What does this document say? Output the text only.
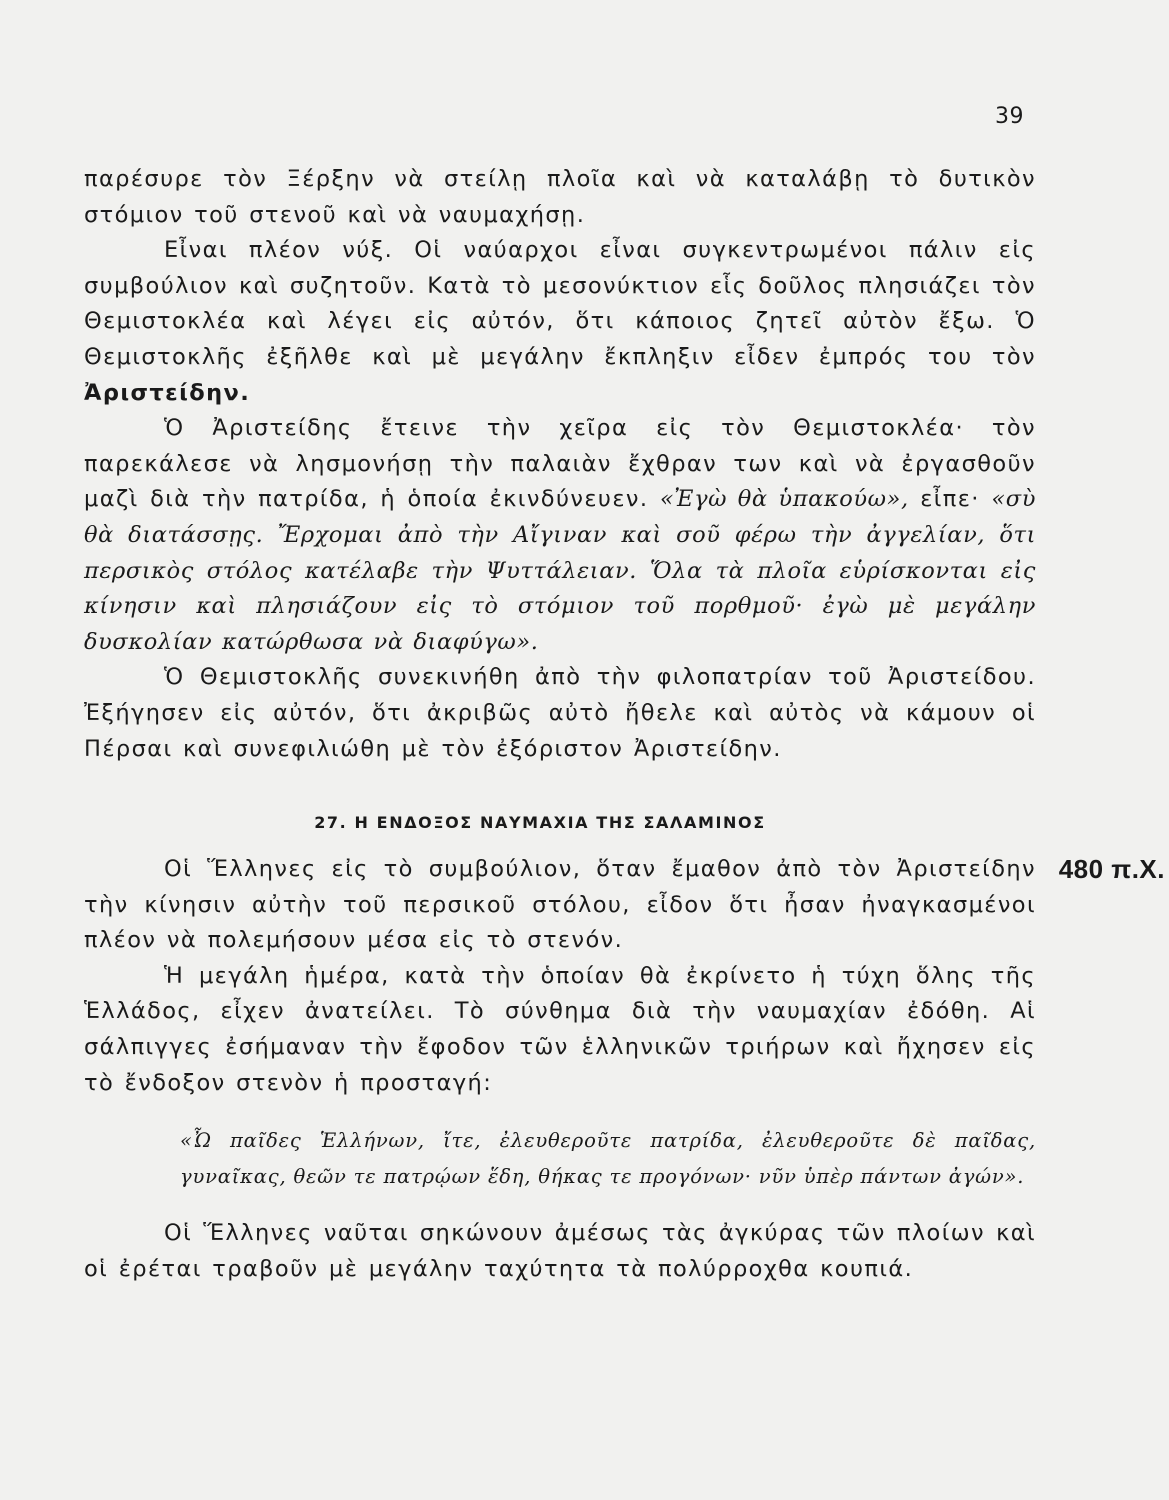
39

παρέσυρε τὸν Ξέρξην νὰ στείλῃ πλοῖα καὶ νὰ καταλάβῃ τὸ δυτικὸν στόμιον τοῦ στενοῦ καὶ νὰ ναυμαχήσῃ.

Εἶναι πλέον νύξ. Οἱ ναύαρχοι εἶναι συγκεντρωμένοι πάλιν εἰς συμβούλιον καὶ συζητοῦν. Κατὰ τὸ μεσονύκτιον εἷς δοῦλος πλησιάζει τὸν Θεμιστοκλέα καὶ λέγει εἰς αὐτόν, ὅτι κάποιος ζητεῖ αὐτὸν ἔξω. Ὁ Θεμιστοκλῆς ἐξῆλθε καὶ μὲ μεγάλην ἔκπληξιν εἶδεν ἐμπρός του τὸν Ἀριστείδην.

Ὁ Ἀριστείδης ἔτεινε τὴν χεῖρα εἰς τὸν Θεμιστοκλέα· τὸν παρεκάλεσε νὰ λησμονήσῃ τὴν παλαιὰν ἔχθραν των καὶ νὰ ἐργασθοῦν μαζὶ διὰ τὴν πατρίδα, ἡ ὁποία ἐκινδύνευεν. «Ἐγὼ θὰ ὑπακούω», εἶπε· «σὺ θὰ διατάσσῃς. Ἔρχομαι ἀπὸ τὴν Αἴγιναν καὶ σοῦ φέρω τὴν ἀγγελίαν, ὅτι περσικὸς στόλος κατέλαβε τὴν Ψυττάλειαν. Ὅλα τὰ πλοῖα εὑρίσκονται εἰς κίνησιν καὶ πλησιάζουν εἰς τὸ στόμιον τοῦ πορθμοῦ· ἐγὼ μὲ μεγάλην δυσκολίαν κατώρθωσα νὰ διαφύγω».

Ὁ Θεμιστοκλῆς συνεκινήθη ἀπὸ τὴν φιλοπατρίαν τοῦ Ἀριστείδου. Ἐξήγησεν εἰς αὐτόν, ὅτι ἀκριβῶς αὐτὸ ἤθελε καὶ αὐτὸς νὰ κάμουν οἱ Πέρσαι καὶ συνεφιλιώθη μὲ τὸν ἐξόριστον Ἀριστείδην.

27. Η ΕΝΔΟΞΟΣ ΝΑΥΜΑΧΙΑ ΤΗΣ ΣΑΛΑΜΙΝΟΣ

Οἱ Ἕλληνες εἰς τὸ συμβούλιον, ὅταν ἔμαθον ἀπὸ τὸν Ἀριστείδην τὴν κίνησιν αὐτὴν τοῦ περσικοῦ στόλου, εἶδον ὅτι ἦσαν ἠναγκασμένοι πλέον νὰ πολεμήσουν μέσα εἰς τὸ στενόν.

Ἡ μεγάλη ἡμέρα, κατὰ τὴν ὁποίαν θὰ ἐκρίνετο ἡ τύχη ὅλης τῆς Ἑλλάδος, εἶχεν ἀνατείλει. Τὸ σύνθημα διὰ τὴν ναυμαχίαν ἐδόθη. Αἱ σάλπιγγες ἐσήμαναν τὴν ἔφοδον τῶν ἑλληνικῶν τριήρων καὶ ἤχησεν εἰς τὸ ἔνδοξον στενὸν ἡ προσταγή:

«Ὦ παῖδες Ἑλλήνων, ἴτε, ἐλευθεροῦτε πατρίδα, ἐλευθεροῦτε δὲ παῖδας, γυναῖκας, θεῶν τε πατρῴων ἕδη, θήκας τε προγόνων· νῦν ὑπὲρ πάντων ἀγών».

Οἱ Ἕλληνες ναῦται σηκώνουν ἀμέσως τὰς ἀγκύρας τῶν πλοίων καὶ οἱ ἐρέται τραβοῦν μὲ μεγάλην ταχύτητα τὰ πολύρροχθα κουπιά.

480 π.Χ.
